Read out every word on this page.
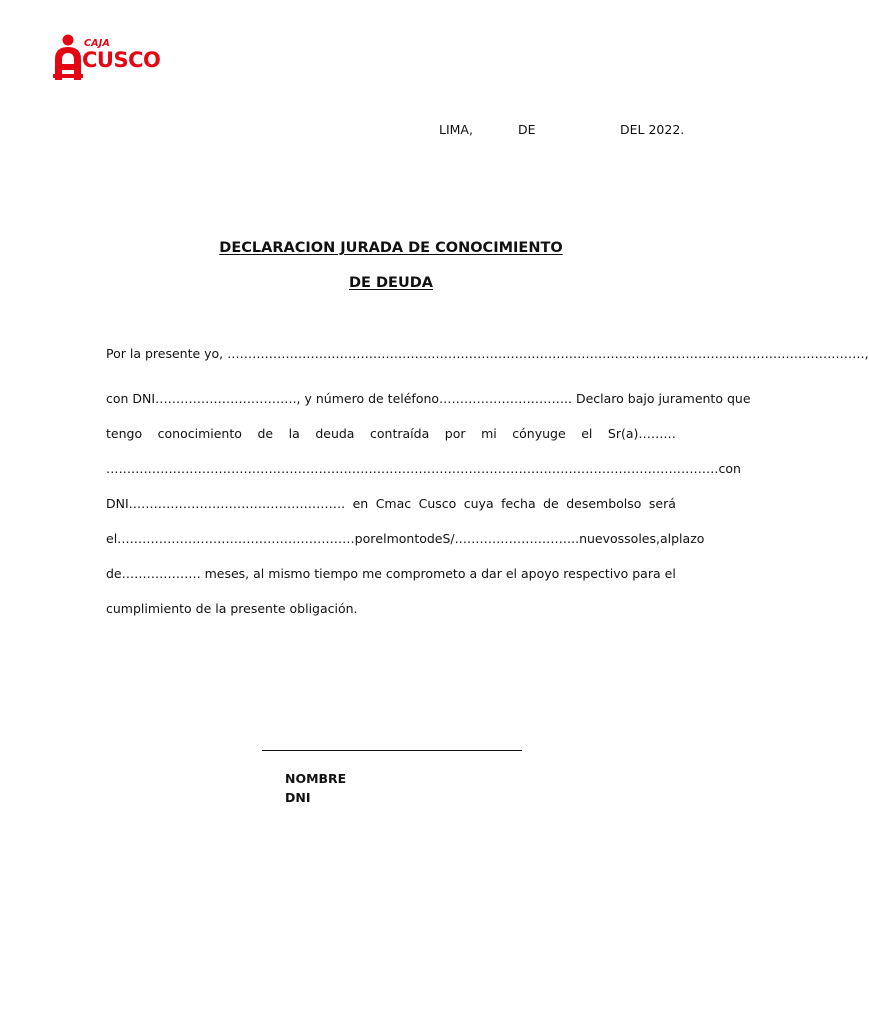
CAJA
CUSCO
LIMA,	DE	DEL 2022.
DECLARACION JURADA DE CONOCIMIENTO
DE DEUDA
Por la presente yo, ………………………………………………………………………………………………………………………………………,
con DNI……………………………., y número de teléfono………………………….. Declaro bajo juramento que
tengo conocimiento de la deuda contraída por mi cónyuge el Sr(a)………
………………………………………………………………………………………………………………………………… con
DNI……………………………………………. en Cmac Cusco cuya fecha de desembolso será
el………………………………………………… por el monto de S/. ……………………….. nuevos soles, al plazo
de………………. meses, al mismo tiempo me comprometo a dar el apoyo respectivo para el
cumplimiento de la presente obligación.
NOMBRE
DNI
